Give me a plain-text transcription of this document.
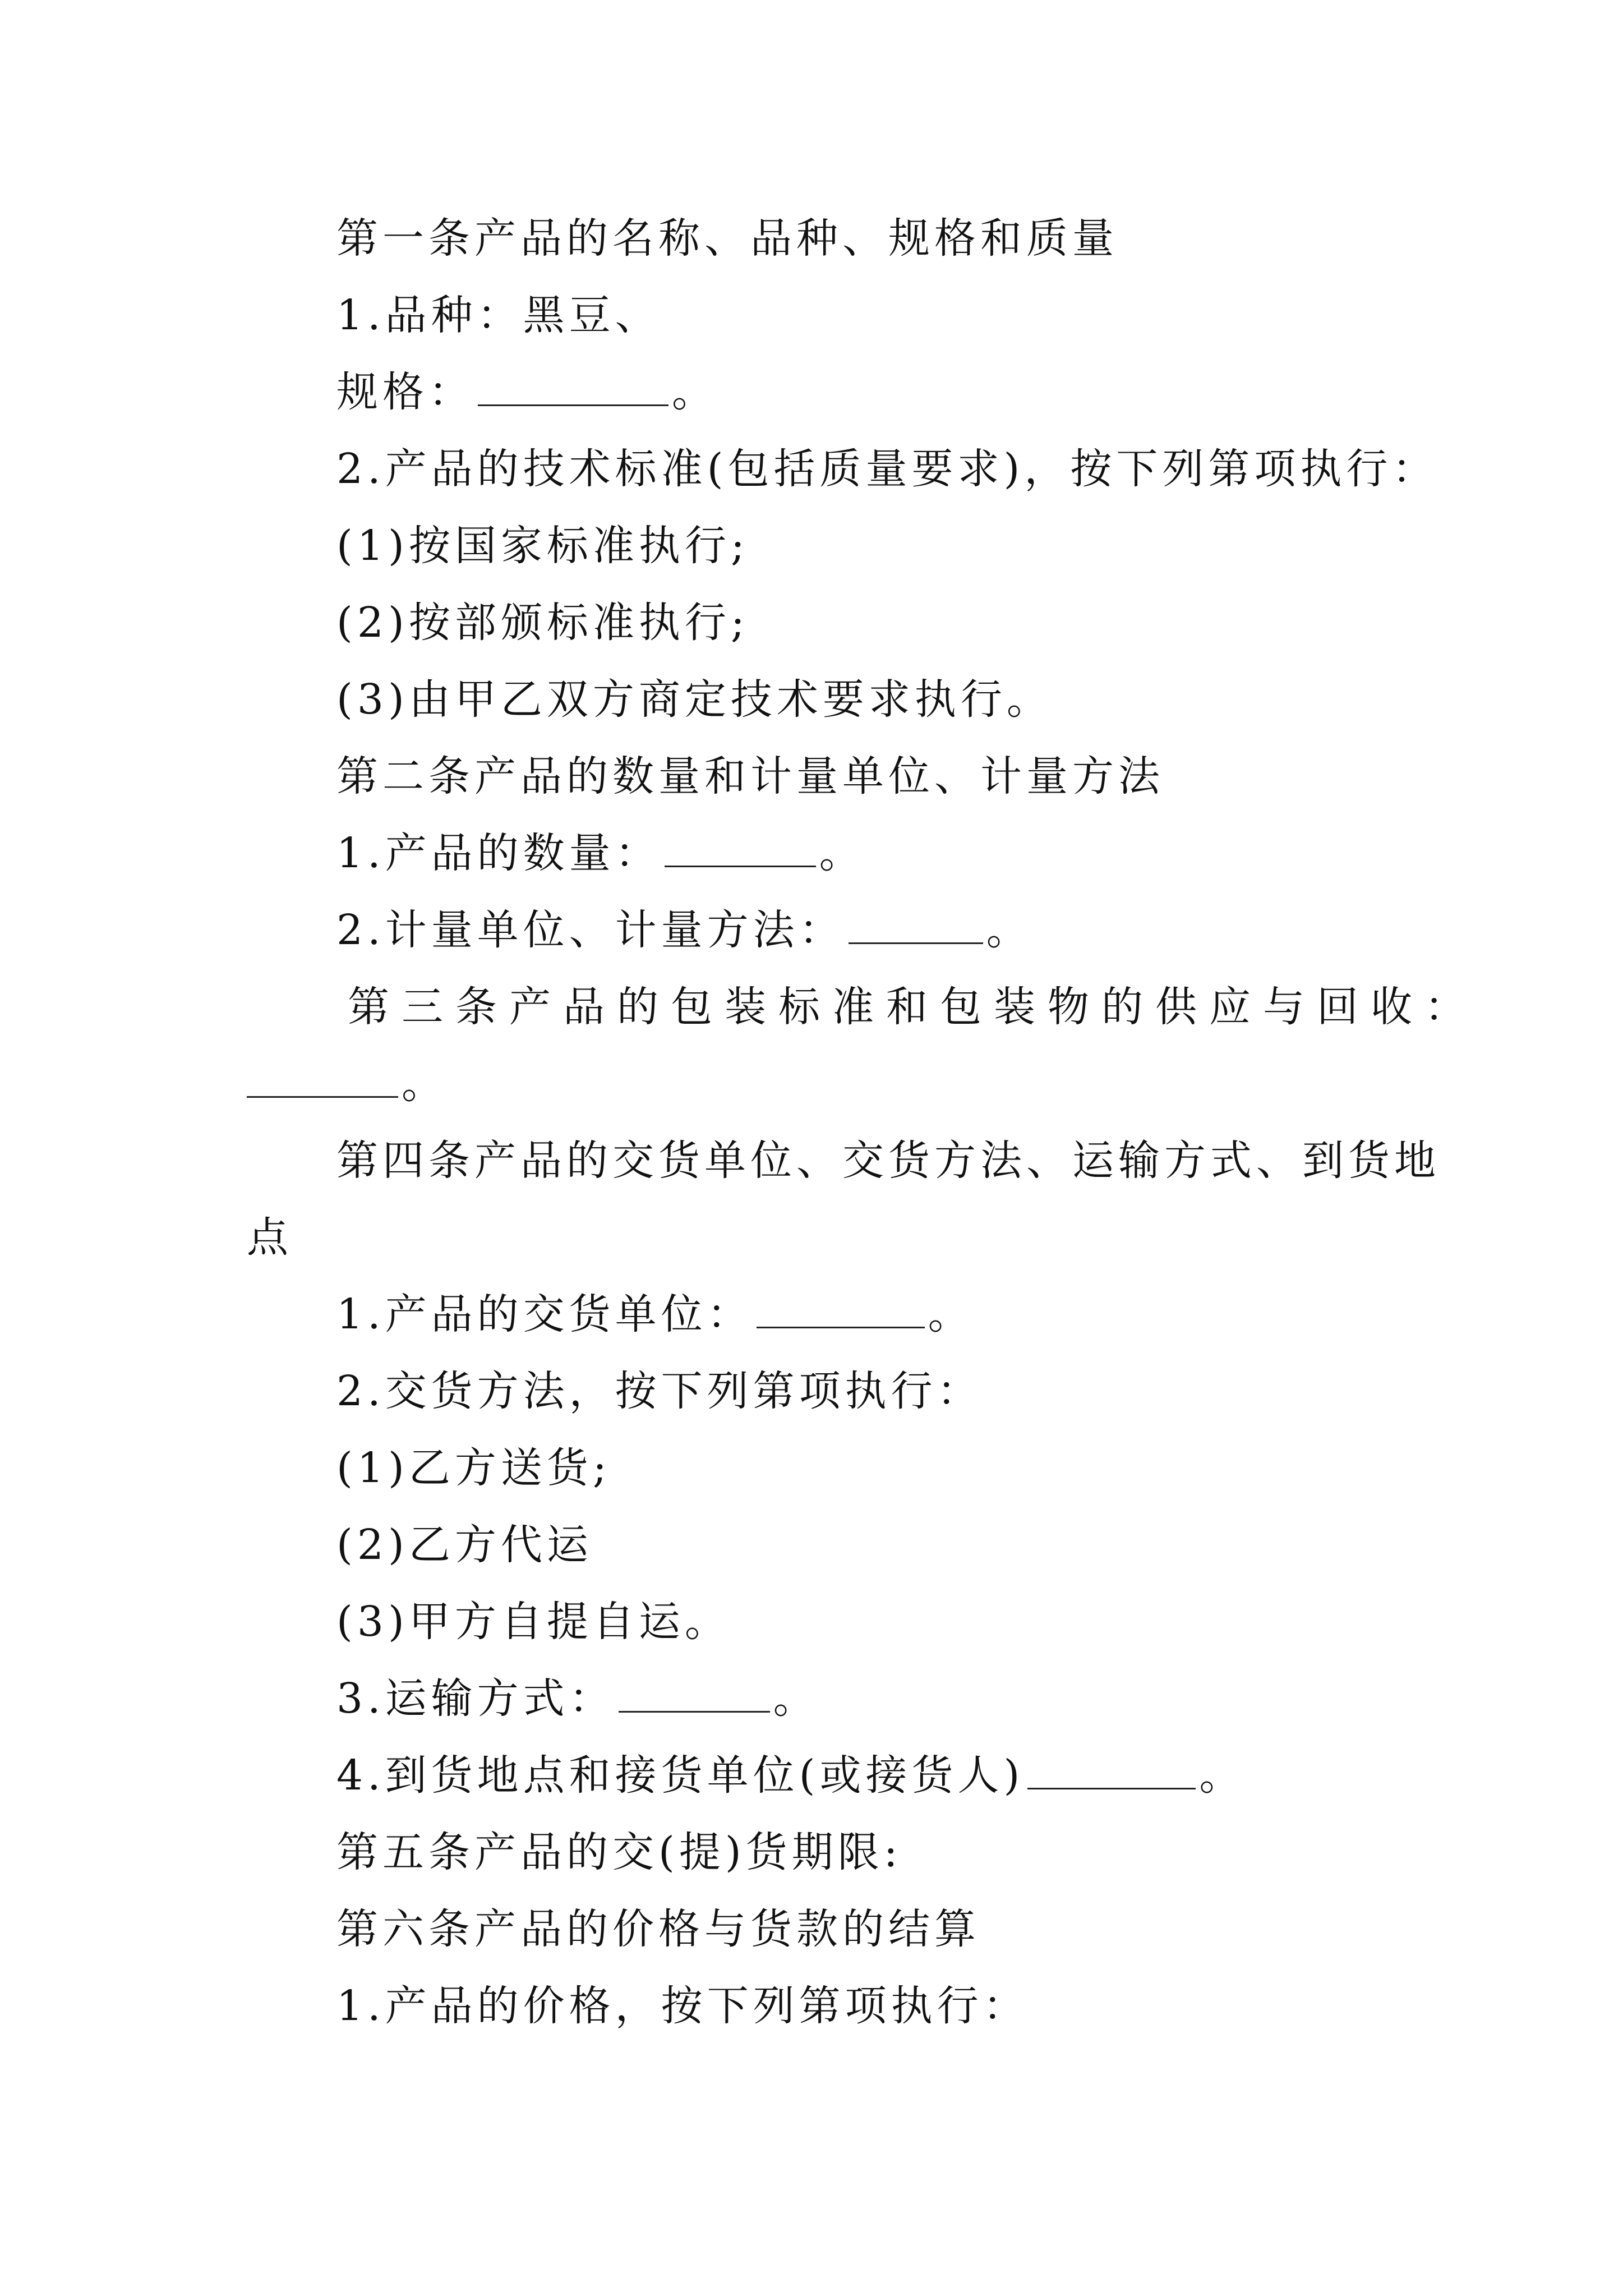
第一条产品的名称、品种、规格和质量
1.品种：黑豆、
规格：	。
2.产品的技术标准(包括质量要求)，按下列第项执行：
(1)按国家标准执行;
(2)按部颁标准执行;
(3)由甲乙双方商定技术要求执行。
第二条产品的数量和计量单位、计量方法
1.产品的数量：	。
2.计量单位、计量方法：	。
第三条产品的包装标准和包装物的供应与回收：
。
第四条产品的交货单位、交货方法、运输方式、到货地
点
1.产品的交货单位：	。
2.交货方法，按下列第项执行：
(1)乙方送货;
(2)乙方代运
(3)甲方自提自运。
3.运输方式：	。
4.到货地点和接货单位(或接货人)	。
第五条产品的交(提)货期限:
第六条产品的价格与货款的结算
1.产品的价格，按下列第项执行：
